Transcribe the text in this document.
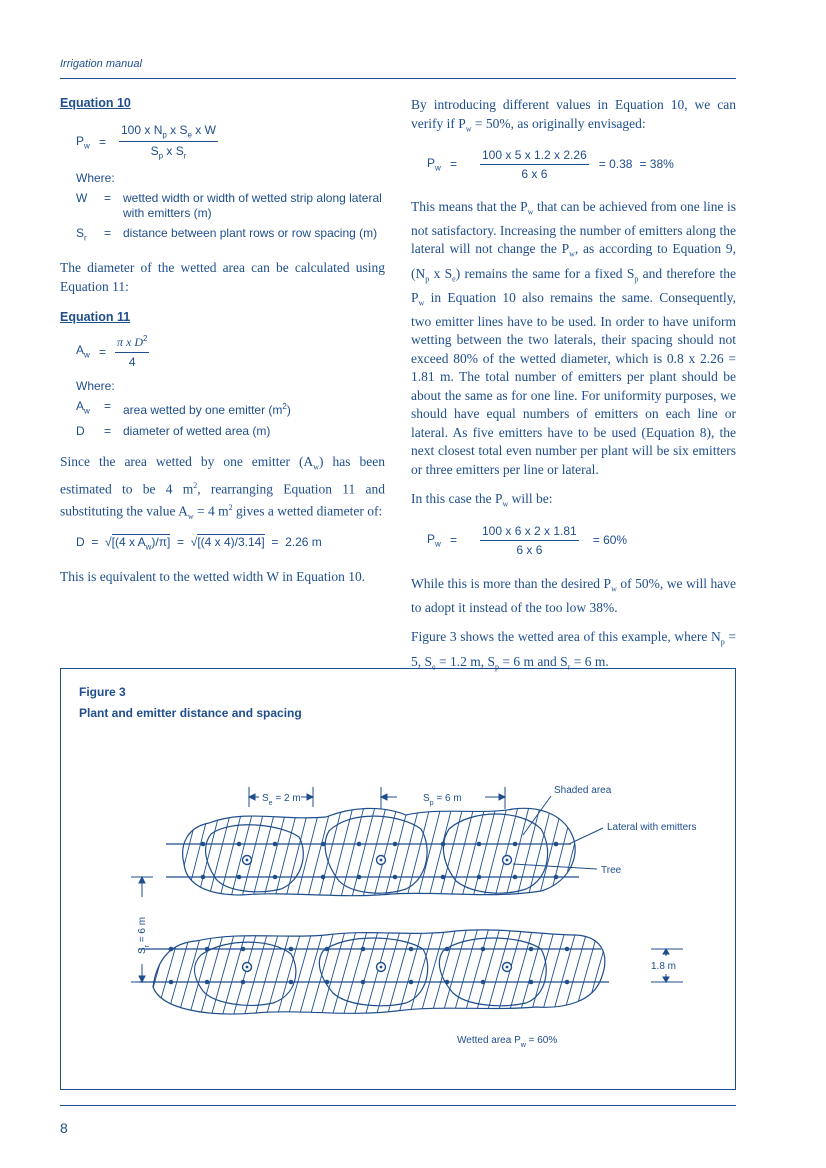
Irrigation manual

Equation 10

$P_w$ =	$\frac{100 x N_p x S_e x W}{S_p x S_r}$
Where:
W	= wetted width or width of wetted strip along lateral with emitters (m)
$S_r$	= distance between plant rows or row spacing (m)

The diameter of the wetted area can be calculated using Equation 11:

Equation 11

$A_w = \frac{\pi x D^2}{4}$
Where:
$A_w$	= area wetted by one emitter $(m^2)$
D	= diameter of wetted area (m)

Since the area wetted by one emitter $(A_w)$ has been estimated to be 4 $m^2$, rearranging Equation 11 and substituting the value $A_w = 4$ $m^2$ gives a wetted diameter of:

D =  √[(4 x $A_w)/\pi] = √[(4$ x 4)/3.14] = 2.26 m

This is equivalent to the wetted width W in Equation 10.

By introducing different values in Equation 10, we can verify if $P_w = 50\%$, as originally envisaged:

$P_w$ =	$\frac{100 x 5 x 1.2 x 2.26}{6 x 6} = 0.38 = 38\%$

This means that the $P_w$ that can be achieved from one line is not satisfactory. Increasing the number of emitters along the lateral will not change the $P_w$, as according to Equation 9, ($N_p$ x $S_e$) remains the same for a fixed $S_p$ and therefore the $P_w$ in Equation 10 also remains the same. Consequently, two emitter lines have to be used. In order to have uniform wetting between the two laterals, their spacing should not exceed 80% of the wetted diameter, which is 0.8 x 2.26 = 1.81 m. The total number of emitters per plant should be about the same as for one line. For uniformity purposes, we should have equal numbers of emitters on each line or lateral. As five emitters have to be used (Equation 8), the next closest total even number per plant will be six emitters or three emitters per line or lateral.

In this case the $P_w$ will be:

$P_w$ =	$\frac{100 x 6 x 2 x 1.81}{6 x 6} = 60\%$

While this is more than the desired $P_w$ of 50%, we will have to adopt it instead of the too low 38%.

Figure 3 shows the wetted area of this example, where $N_p = 5$, $S_e = 1.2$ m, $S_p = 6$ m and $S_r = 6$ m.

Figure 3
Plant and emitter distance and spacing
$S_e = 2$ m	$S_p = 6$ m
$S_r = 6$ m
1.8 m
Shaded area
Lateral with emitters
Tree
Wetted area $P_w = 60\%$
8
